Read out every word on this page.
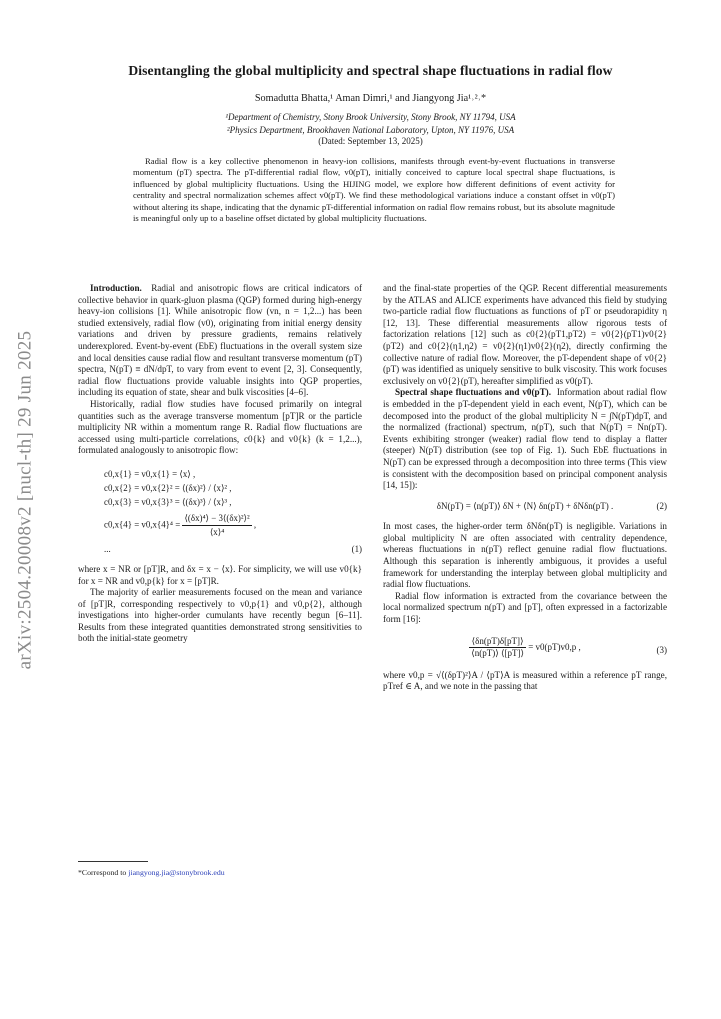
arXiv:2504.20008v2 [nucl-th] 29 Jun 2025
Disentangling the global multiplicity and spectral shape fluctuations in radial flow
Somadutta Bhatta,¹ Aman Dimri,¹ and Jiangyong Jia¹˒²˒*
¹Department of Chemistry, Stony Brook University, Stony Brook, NY 11794, USA
²Physics Department, Brookhaven National Laboratory, Upton, NY 11976, USA
(Dated: September 13, 2025)
Radial flow is a key collective phenomenon in heavy-ion collisions, manifests through event-by-event fluctuations in transverse momentum (pT) spectra. The pT-differential radial flow, v0(pT), initially conceived to capture local spectral shape fluctuations, is influenced by global multiplicity fluctuations. Using the HIJING model, we explore how different definitions of event activity for centrality and spectral normalization schemes affect v0(pT). We find these methodological variations induce a constant offset in v0(pT) without altering its shape, indicating that the dynamic pT-differential information on radial flow remains robust, but its absolute magnitude is meaningful only up to a baseline offset dictated by global multiplicity fluctuations.

Introduction. Radial and anisotropic flows are critical indicators of collective behavior in quark-gluon plasma (QGP) formed during high-energy heavy-ion collisions [1]. While anisotropic flow (vn, n = 1,2...) has been studied extensively, radial flow (v0), originating from initial energy density variations and driven by pressure gradients, remains relatively underexplored. Event-by-event (EbE) fluctuations in the overall system size and local densities cause radial flow and resultant transverse momentum (pT) spectra, N(pT) ≡ dN/dpT, to vary from event to event [2, 3]. Consequently, radial flow fluctuations provide valuable insights into QGP properties, including its equation of state, shear and bulk viscosities [4–6].

Historically, radial flow studies have focused primarily on integral quantities such as the average transverse momentum [pT]R or the particle multiplicity NR within a momentum range R. Radial flow fluctuations are accessed using multi-particle correlations, c0{k} and v0{k} (k = 1,2...), formulated analogously to anisotropic flow:

c0,x{1} = v0,x{1} = ⟨x⟩ ,
c0,x{2} = v0,x{2}² = ⟨(δx)²⟩ / ⟨x⟩² ,
c0,x{3} = v0,x{3}³ = ⟨(δx)³⟩ / ⟨x⟩³ ,
$c0,x\{4\} = v0,x\{4\}^4 = \frac{\text{⟨(δx)⁴⟩ − 3⟨(δx)²⟩²}}{\text{⟨x⟩⁴}}$ ,
...	(1)

where x = NR or [pT]R, and δx = x − ⟨x⟩. For simplicity, we will use v0{k} for x = NR and v0,p{k} for x = [pT]R.

The majority of earlier measurements focused on the mean and variance of [pT]R, corresponding respectively to v0,p{1} and v0,p{2}, although investigations into higher-order cumulants have recently begun [6–11]. Results from these integrated quantities demonstrated strong sensitivities to both the initial-state geometry

and the final-state properties of the QGP. Recent differential measurements by the ATLAS and ALICE experiments have advanced this field by studying two-particle radial flow fluctuations as functions of pT or pseudorapidity η [12, 13]. These differential measurements allow rigorous tests of factorization relations [12] such as c0{2}(pT1,pT2) = v0{2}(pT1)v0{2}(pT2) and c0{2}(η1,η2) = v0{2}(η1)v0{2}(η2), directly confirming the collective nature of radial flow. Moreover, the pT-dependent shape of v0{2}(pT) was identified as uniquely sensitive to bulk viscosity. This work focuses exclusively on v0{2}(pT), hereafter simplified as v0(pT).

Spectral shape fluctuations and v0(pT). Information about radial flow is embedded in the pT-dependent yield in each event, N(pT), which can be decomposed into the product of the global multiplicity N = ∫N(pT)dpT, and the normalized (fractional) spectrum, n(pT), such that N(pT) = Nn(pT). Events exhibiting stronger (weaker) radial flow tend to display a flatter (steeper) N(pT) distribution (see top of Fig. 1). Such EbE fluctuations in N(pT) can be expressed through a decomposition into three terms (This view is consistent with the decomposition based on principal component analysis [14, 15]):

δN(pT) = ⟨n(pT)⟩ δN + ⟨N⟩ δn(pT) + δNδn(pT) .	(2)

In most cases, the higher-order term δNδn(pT) is negligible. Variations in global multiplicity N are often associated with centrality dependence, whereas fluctuations in n(pT) reflect genuine radial flow fluctuations. Although this separation is inherently ambiguous, it provides a useful framework for understanding the interplay between global multiplicity and radial flow fluctuations.

Radial flow information is extracted from the covariance between the local normalized spectrum n(pT) and [pT], often expressed in a factorizable form [16]:

$\frac{⟨\delta n(pT)\delta[pT]⟩}{⟨n(pT)⟩ ⟨[pT]⟩} = v0(pT)v0,p$ ,	(3)

where v0,p = √⟨(δpT)²⟩A / ⟨pT⟩A is measured within a reference pT range, pTref ∈ A, and we note in the passing that

*Correspond to jiangyong.jia@stonybrook.edu
